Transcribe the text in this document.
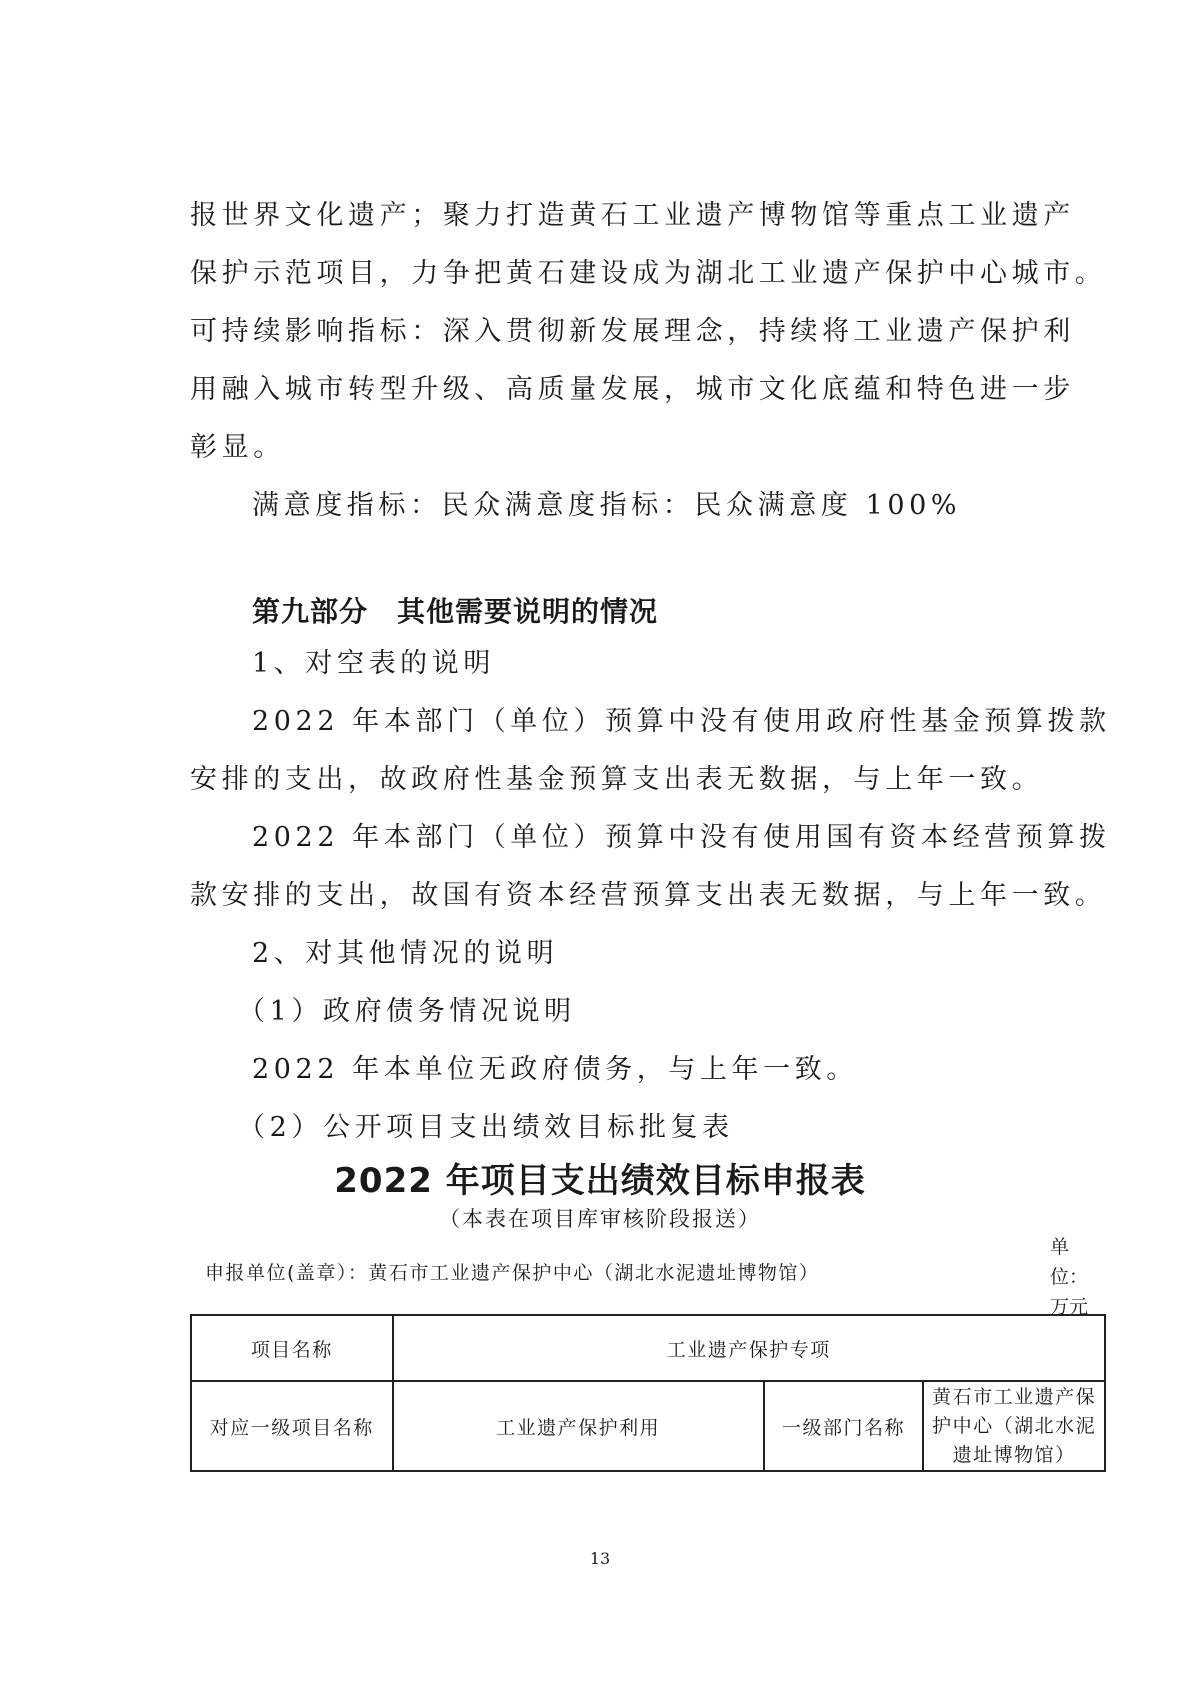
报世界文化遗产；聚力打造黄石工业遗产博物馆等重点工业遗产
保护示范项目，力争把黄石建设成为湖北工业遗产保护中心城市。
可持续影响指标：深入贯彻新发展理念，持续将工业遗产保护利
用融入城市转型升级、高质量发展，城市文化底蕴和特色进一步
彰显。
满意度指标：民众满意度指标：民众满意度 100%
第九部分　其他需要说明的情况
1、对空表的说明
2022 年本部门（单位）预算中没有使用政府性基金预算拨款
安排的支出，故政府性基金预算支出表无数据，与上年一致。
2022 年本部门（单位）预算中没有使用国有资本经营预算拨
款安排的支出，故国有资本经营预算支出表无数据，与上年一致。
2、对其他情况的说明
（1）政府债务情况说明
2022 年本单位无政府债务，与上年一致。
（2）公开项目支出绩效目标批复表
2022 年项目支出绩效目标申报表
（本表在项目库审核阶段报送）
申报单位(盖章）：黄石市工业遗产保护中心（湖北水泥遗址博物馆）
单位：万元
项目名称	工业遗产保护专项		
对应一级项目名称	工业遗产保护利用	一级部门名称	黄石市工业遗产保护中心（湖北水泥遗址博物馆）
13
